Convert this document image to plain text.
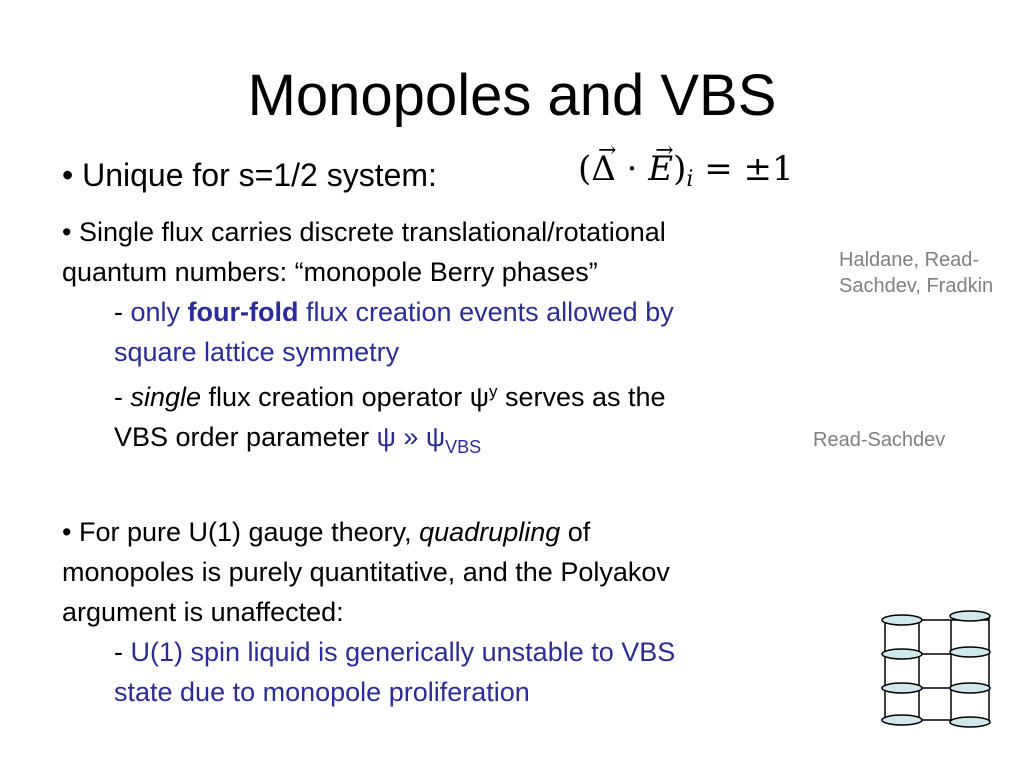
Monopoles and VBS
• Unique for s=1/2 system:	(→ Δ · → $E)_i = \pm 1$
• Single flux carries discrete translational/rotational
quantum numbers: “monopole Berry phases”
- only four-fold flux creation events allowed by
square lattice symmetry
- single flux creation operator $\psi^y$ serves as the
VBS order parameter ψ » $\psi_{VBS}$
Haldane, Read-
Sachdev, Fradkin
Read-Sachdev
• For pure U(1) gauge theory, quadrupling of
monopoles is purely quantitative, and the Polyakov
argument is unaffected:
- U(1) spin liquid is generically unstable to VBS
state due to monopole proliferation
